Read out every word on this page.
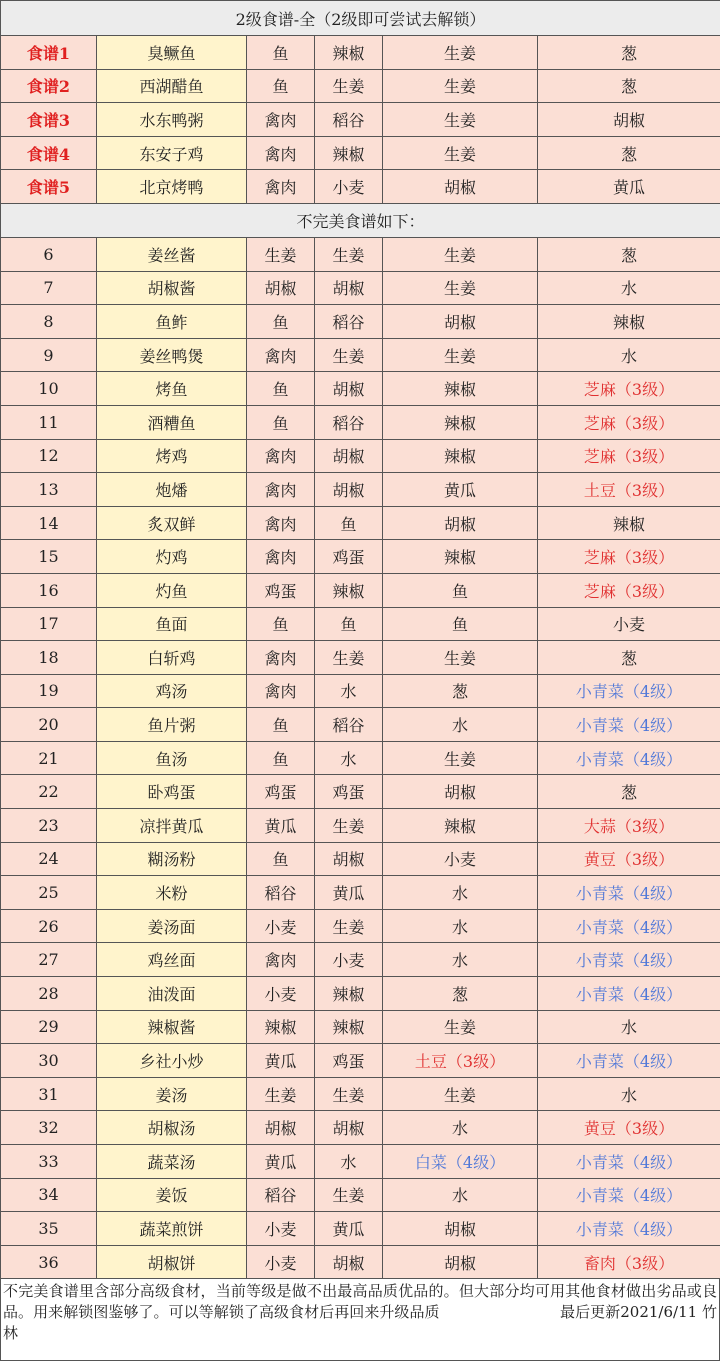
2级食谱-全（2级即可尝试去解锁）					
食谱1	臭鳜鱼	鱼	辣椒	生姜	葱
食谱2	西湖醋鱼	鱼	生姜	生姜	葱
食谱3	水东鸭粥	禽肉	稻谷	生姜	胡椒
食谱4	东安子鸡	禽肉	辣椒	生姜	葱
食谱5	北京烤鸭	禽肉	小麦	胡椒	黄瓜
不完美食谱如下：					
6	姜丝酱	生姜	生姜	生姜	葱
7	胡椒酱	胡椒	胡椒	生姜	水
8	鱼鲊	鱼	稻谷	胡椒	辣椒
9	姜丝鸭煲	禽肉	生姜	生姜	水
10	烤鱼	鱼	胡椒	辣椒	芝麻（3级）
11	酒糟鱼	鱼	稻谷	辣椒	芝麻（3级）
12	烤鸡	禽肉	胡椒	辣椒	芝麻（3级）
13	炮燔	禽肉	胡椒	黄瓜	土豆（3级）
14	炙双鲜	禽肉	鱼	胡椒	辣椒
15	灼鸡	禽肉	鸡蛋	辣椒	芝麻（3级）
16	灼鱼	鸡蛋	辣椒	鱼	芝麻（3级）
17	鱼面	鱼	鱼	鱼	小麦
18	白斩鸡	禽肉	生姜	生姜	葱
19	鸡汤	禽肉	水	葱	小青菜（4级）
20	鱼片粥	鱼	稻谷	水	小青菜（4级）
21	鱼汤	鱼	水	生姜	小青菜（4级）
22	卧鸡蛋	鸡蛋	鸡蛋	胡椒	葱
23	凉拌黄瓜	黄瓜	生姜	辣椒	大蒜（3级）
24	糊汤粉	鱼	胡椒	小麦	黄豆（3级）
25	米粉	稻谷	黄瓜	水	小青菜（4级）
26	姜汤面	小麦	生姜	水	小青菜（4级）
27	鸡丝面	禽肉	小麦	水	小青菜（4级）
28	油泼面	小麦	辣椒	葱	小青菜（4级）
29	辣椒酱	辣椒	辣椒	生姜	水
30	乡社小炒	黄瓜	鸡蛋	土豆（3级）	小青菜（4级）
31	姜汤	生姜	生姜	生姜	水
32	胡椒汤	胡椒	胡椒	水	黄豆（3级）
33	蔬菜汤	黄瓜	水	白菜（4级）	小青菜（4级）
34	姜饭	稻谷	生姜	水	小青菜（4级）
35	蔬菜煎饼	小麦	黄瓜	胡椒	小青菜（4级）
36	胡椒饼	小麦	胡椒	胡椒	畜肉（3级）
不完美食谱里含部分高级食材，当前等级是做不出最高品质优品的。但大部分均可用其他食材做出劣品或良品。用来解锁图鉴够了。可以等解锁了高级食材后再回来升级品质　　　　　　　　最后更新2021/6/11 竹林
